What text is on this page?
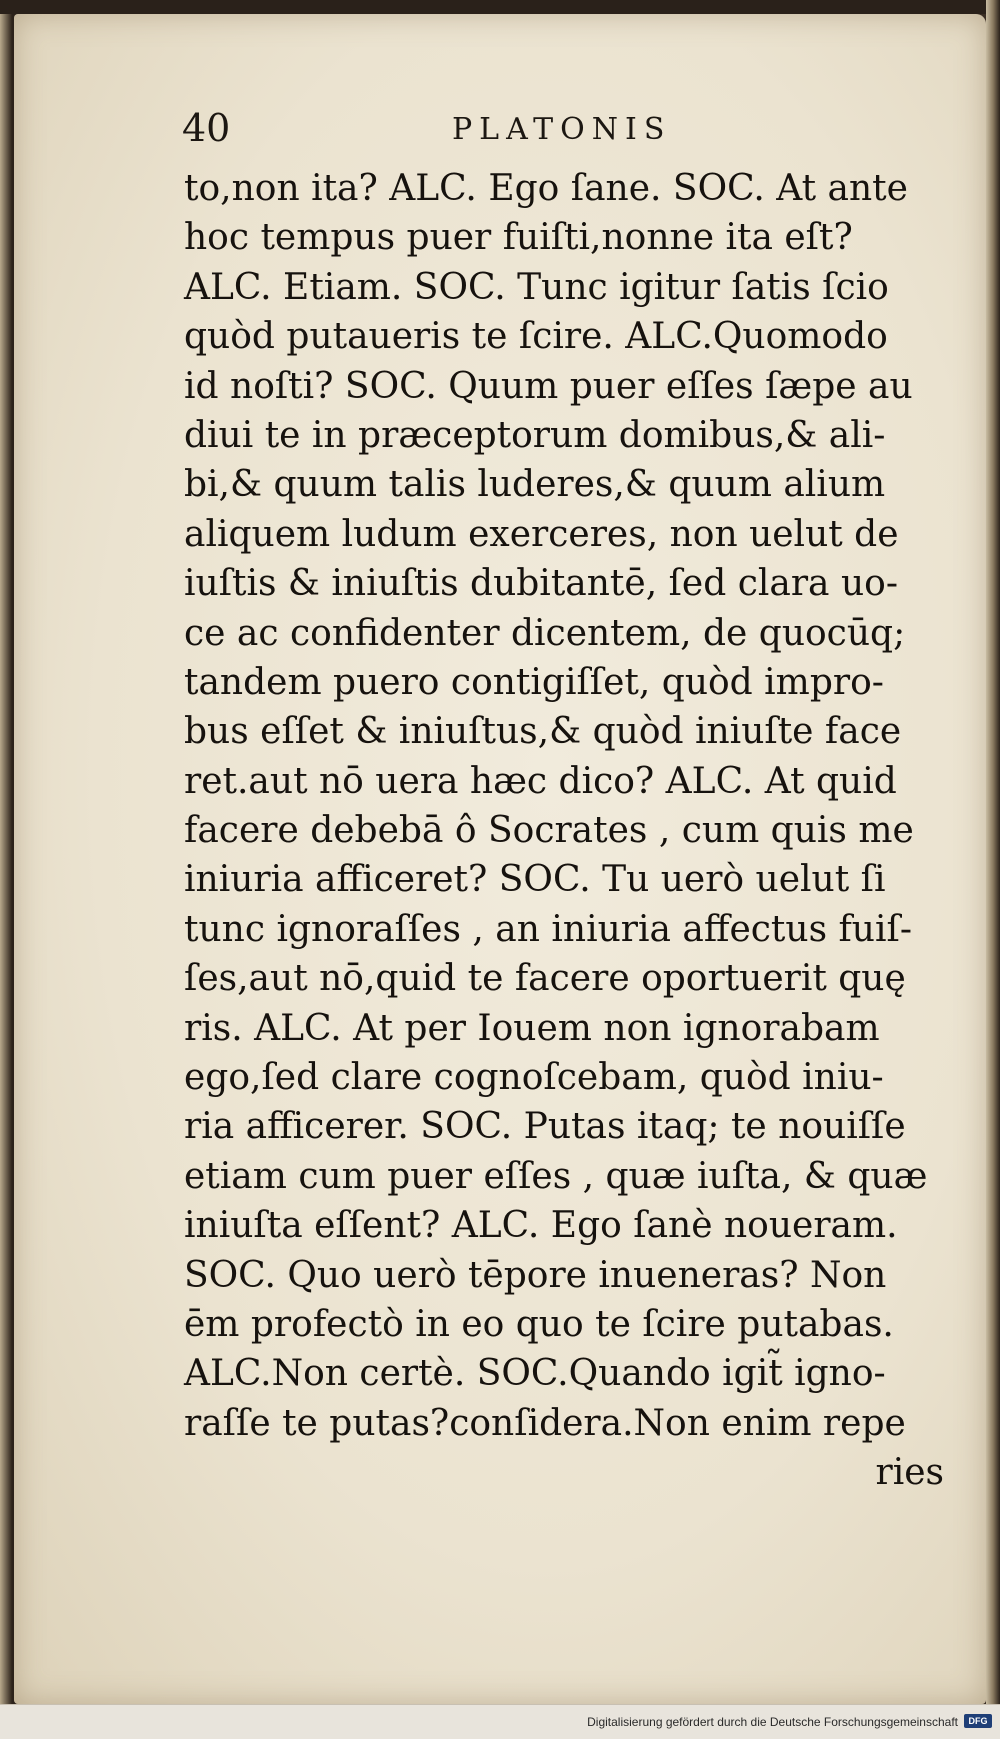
40	PLATONIS
to,non ita? ALC. Ego ſane. SOC. At ante
hoc tempus puer fuiſti,nonne ita eſt?
ALC. Etiam. SOC. Tunc igitur ſatis ſcio
quòd putaueris te ſcire. ALC.Quomodo
id noſti? SOC. Quum puer eſſes ſæpe au
diui te in præceptorum domibus,& ali-
bi,& quum talis luderes,& quum alium
aliquem ludum exerceres, non uelut de
iuſtis & iniuſtis dubitantē, ſed clara uo-
ce ac confidenter dicentem, de quocūq;
tandem puero contigiſſet, quòd impro-
bus eſſet & iniuſtus,& quòd iniuſte face
ret.aut nō uera hæc dico? ALC. At quid
facere debebā ô Socrates , cum quis me
iniuria afficeret? SOC. Tu uerò uelut ſi
tunc ignoraſſes , an iniuria affectus fuiſ-
ſes,aut nō,quid te facere oportuerit quę
ris. ALC. At per Iouem non ignorabam
ego,ſed clare cognoſcebam, quòd iniu-
ria afficerer. SOC. Putas itaq; te nouiſſe
etiam cum puer eſſes , quæ iuſta, & quæ
iniuſta eſſent? ALC. Ego ſanè noueram.
SOC. Quo uerò tēpore inueneras? Non
ēm profectò in eo quo te ſcire putabas.
ALC.Non certè. SOC.Quando igit̃ igno-
raſſe te putas?conſidera.Non enim repe
ries
Digitalisierung gefördert durch die Deutsche Forschungsgemeinschaft	DFG
